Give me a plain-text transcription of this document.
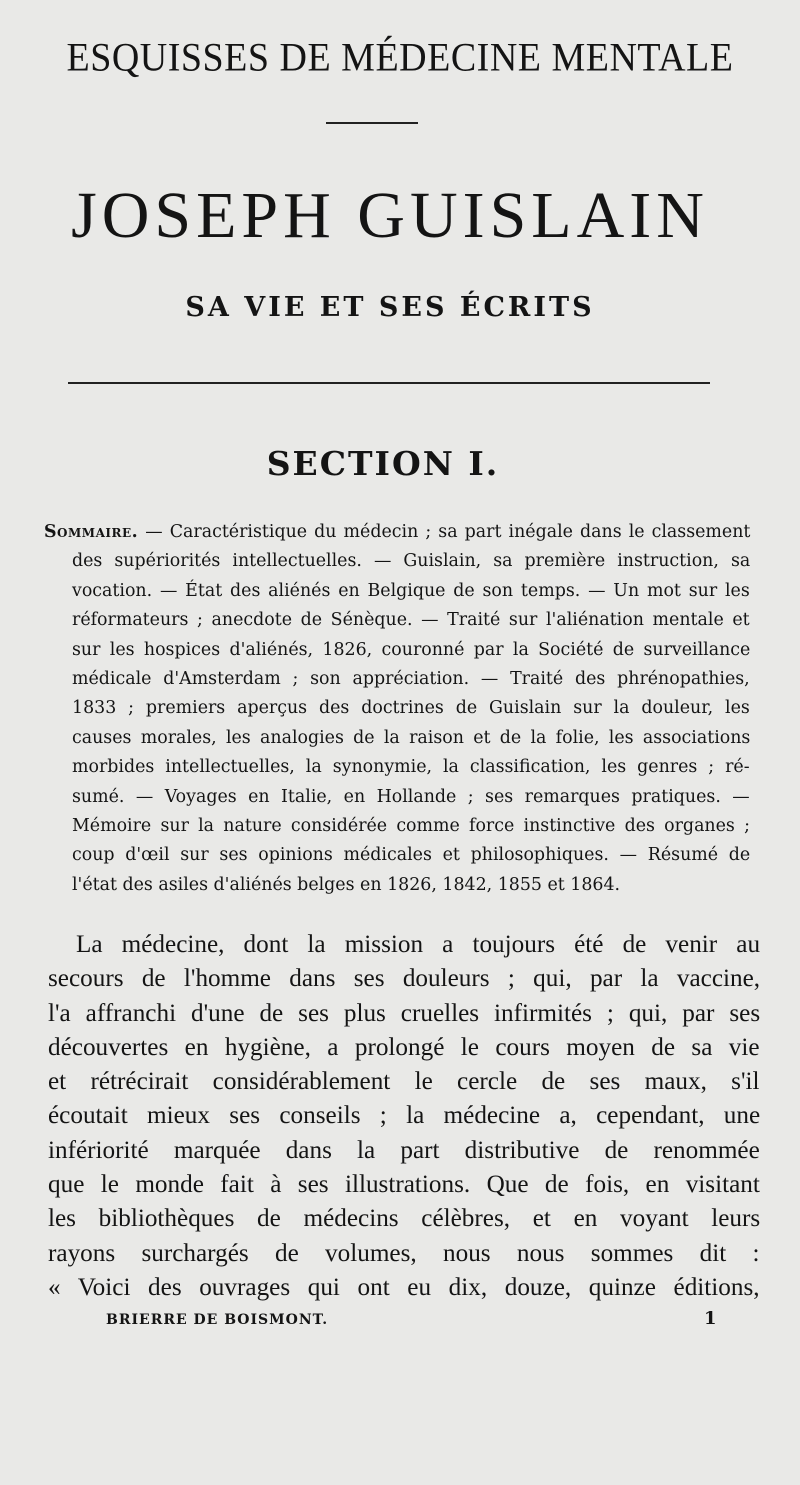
ESQUISSES DE MÉDECINE MENTALE
JOSEPH GUISLAIN
SA VIE ET SES ÉCRITS
SECTION I.
Sommaire. — Caractéristique du médecin ; sa part inégale dans le classement
des supériorités intellectuelles. — Guislain, sa première instruction, sa
vocation. — État des aliénés en Belgique de son temps. — Un mot sur les
réformateurs ; anecdote de Sénèque. — Traité sur l'aliénation mentale et
sur les hospices d'aliénés, 1826, couronné par la Société de surveillance
médicale d'Amsterdam ; son appréciation. — Traité des phrénopathies,
1833 ; premiers aperçus des doctrines de Guislain sur la douleur, les
causes morales, les analogies de la raison et de la folie, les associations
morbides intellectuelles, la synonymie, la classification, les genres ; ré-
sumé. — Voyages en Italie, en Hollande ; ses remarques pratiques. —
Mémoire sur la nature considérée comme force instinctive des organes ;
coup d'œil sur ses opinions médicales et philosophiques. — Résumé de
l'état des asiles d'aliénés belges en 1826, 1842, 1855 et 1864.
La médecine, dont la mission a toujours été de venir au
secours de l'homme dans ses douleurs ; qui, par la vaccine,
l'a affranchi d'une de ses plus cruelles infirmités ; qui, par ses
découvertes en hygiène, a prolongé le cours moyen de sa vie
et rétrécirait considérablement le cercle de ses maux, s'il
écoutait mieux ses conseils ; la médecine a, cependant, une
infériorité marquée dans la part distributive de renommée
que le monde fait à ses illustrations. Que de fois, en visitant
les bibliothèques de médecins célèbres, et en voyant leurs
rayons surchargés de volumes, nous nous sommes dit :
« Voici des ouvrages qui ont eu dix, douze, quinze éditions,
BRIERRE DE BOISMONT.	1
